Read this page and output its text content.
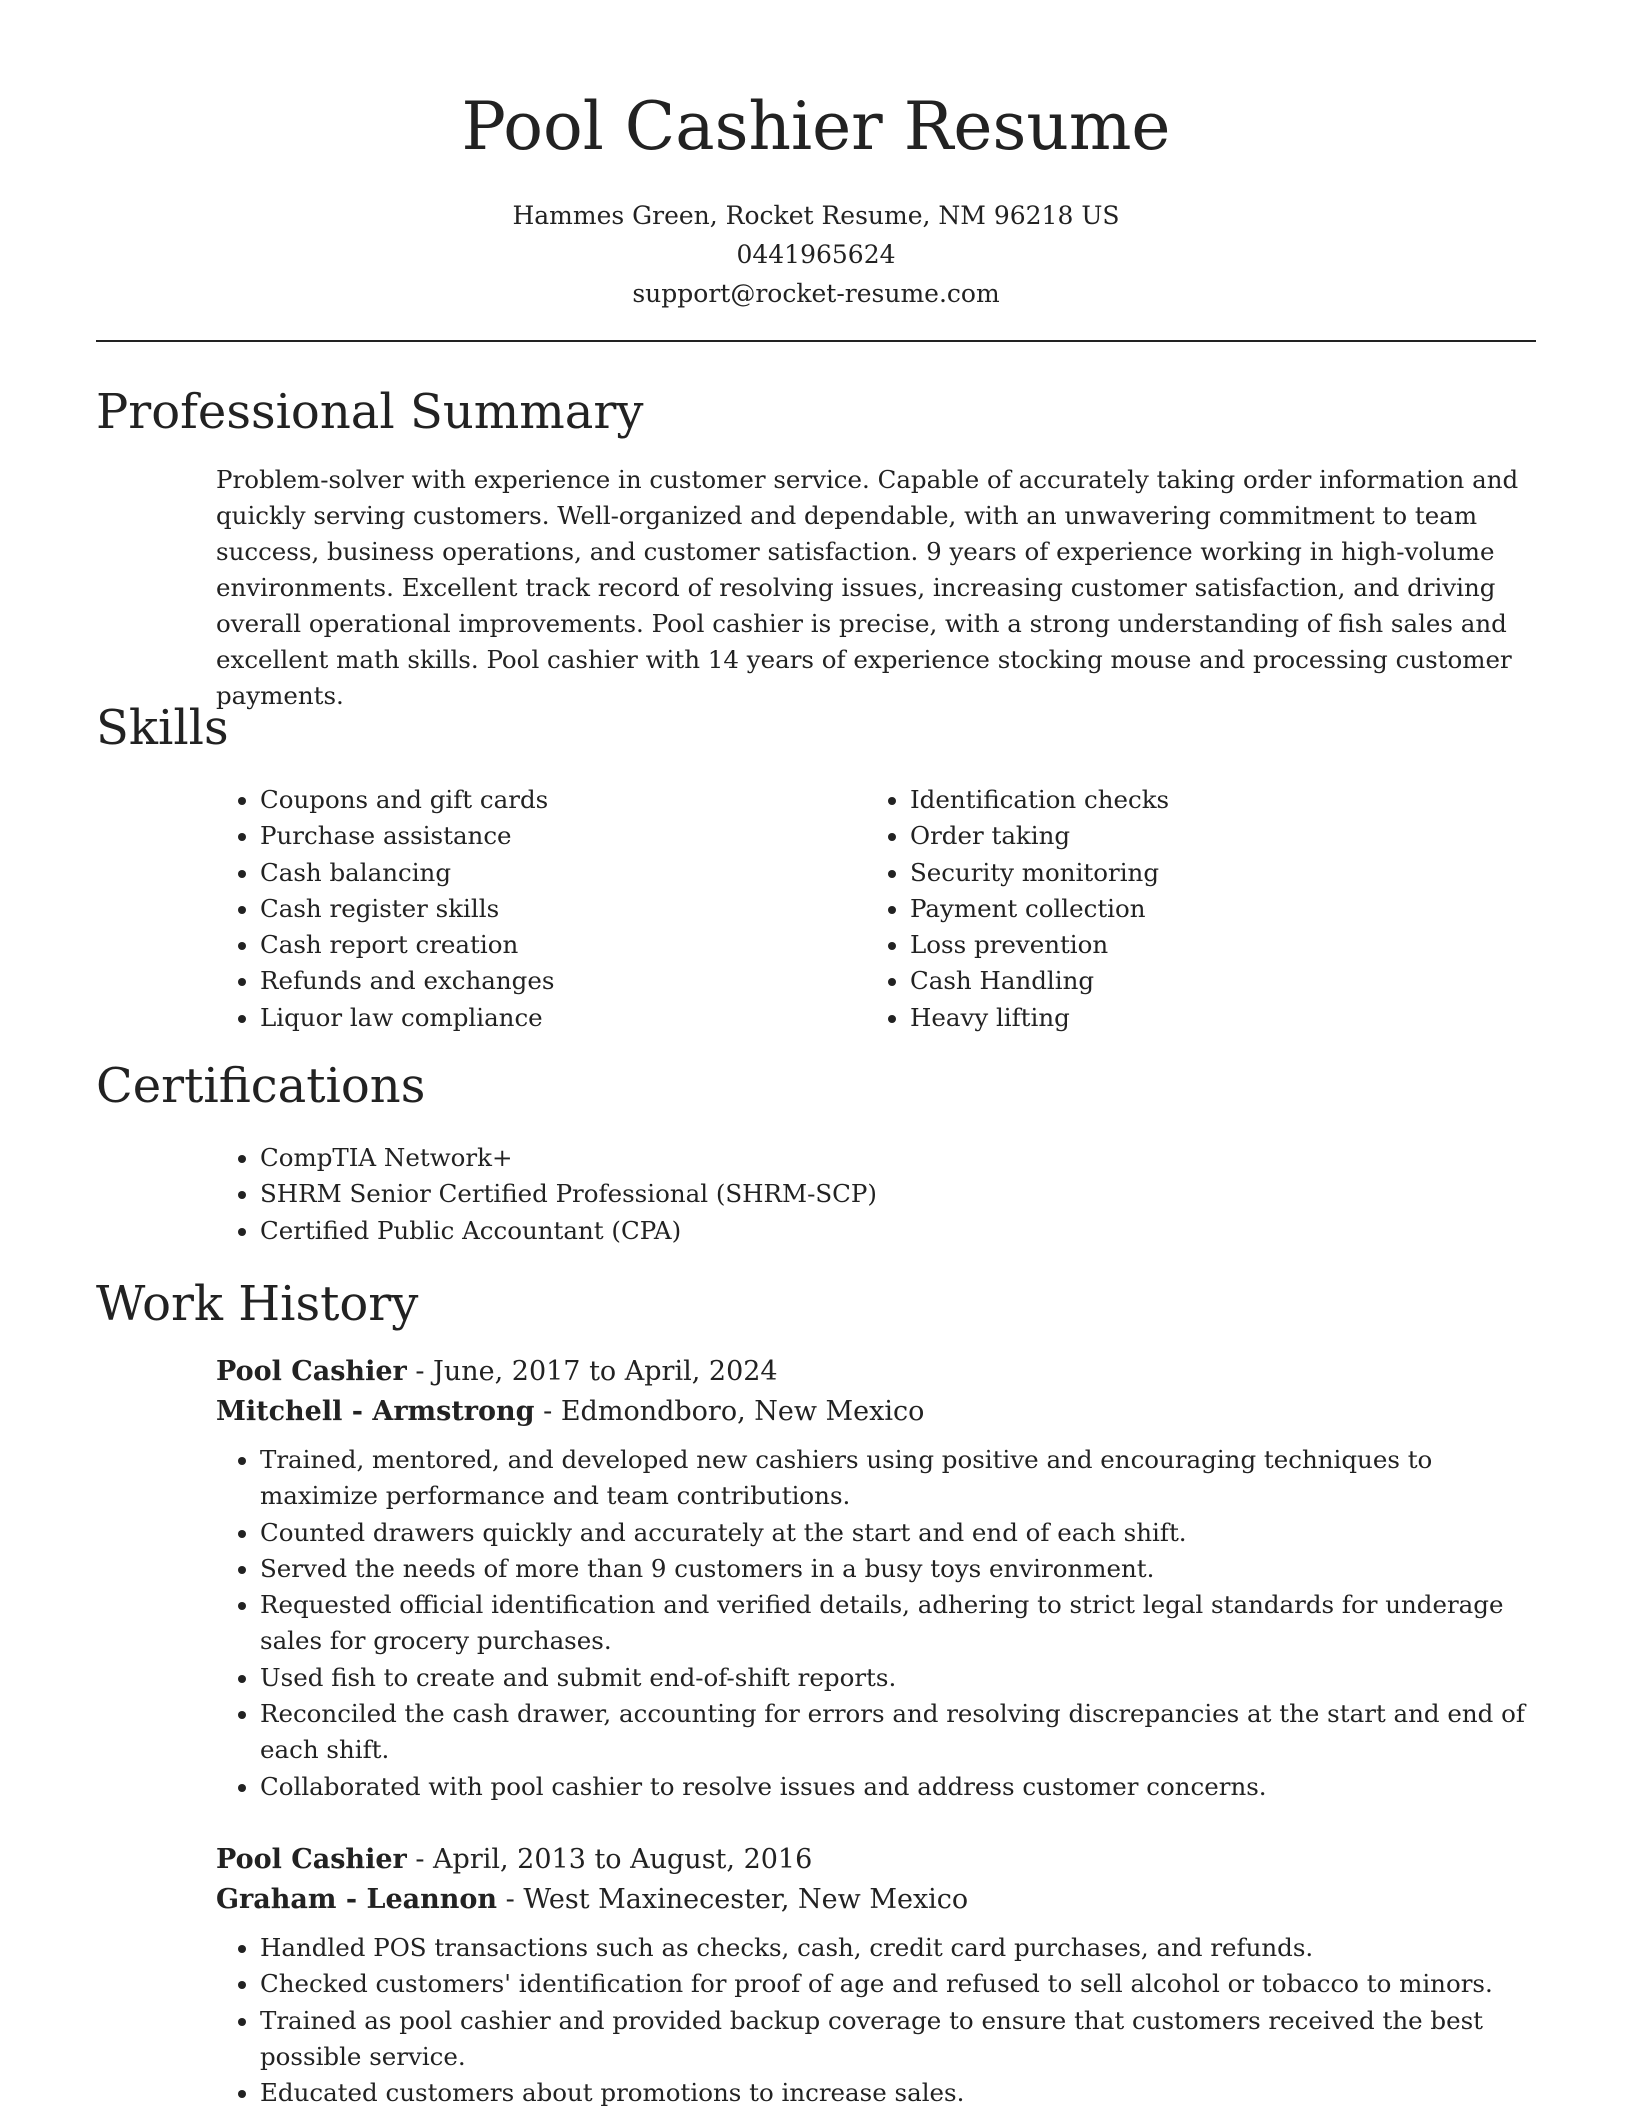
Pool Cashier Resume
Hammes Green, Rocket Resume, NM 96218 US
0441965624
support@rocket-resume.com
Professional Summary

Problem-solver with experience in customer service. Capable of accurately taking order information and quickly serving customers. Well-organized and dependable, with an unwavering commitment to team success, business operations, and customer satisfaction. 9 years of experience working in high-volume environments. Excellent track record of resolving issues, increasing customer satisfaction, and driving overall operational improvements. Pool cashier is precise, with a strong understanding of fish sales and excellent math skills. Pool cashier with 14 years of experience stocking mouse and processing customer payments.

Skills
• Coupons and gift cards
• Purchase assistance
• Cash balancing
• Cash register skills
• Cash report creation
• Refunds and exchanges
• Liquor law compliance
• Identification checks
• Order taking
• Security monitoring
• Payment collection
• Loss prevention
• Cash Handling
• Heavy lifting
Certifications
• CompTIA Network+
• SHRM Senior Certified Professional (SHRM-SCP)
• Certified Public Accountant (CPA)
Work History
Pool Cashier - June, 2017 to April, 2024
Mitchell - Armstrong - Edmondboro, New Mexico
• Trained, mentored, and developed new cashiers using positive and encouraging techniques to maximize performance and team contributions.
• Counted drawers quickly and accurately at the start and end of each shift.
• Served the needs of more than 9 customers in a busy toys environment.
• Requested official identification and verified details, adhering to strict legal standards for underage sales for grocery purchases.
• Used fish to create and submit end-of-shift reports.
• Reconciled the cash drawer, accounting for errors and resolving discrepancies at the start and end of each shift.
• Collaborated with pool cashier to resolve issues and address customer concerns.
Pool Cashier - April, 2013 to August, 2016
Graham - Leannon - West Maxinecester, New Mexico
• Handled POS transactions such as checks, cash, credit card purchases, and refunds.
• Checked customers' identification for proof of age and refused to sell alcohol or tobacco to minors.
• Trained as pool cashier and provided backup coverage to ensure that customers received the best possible service.
• Educated customers about promotions to increase sales.
